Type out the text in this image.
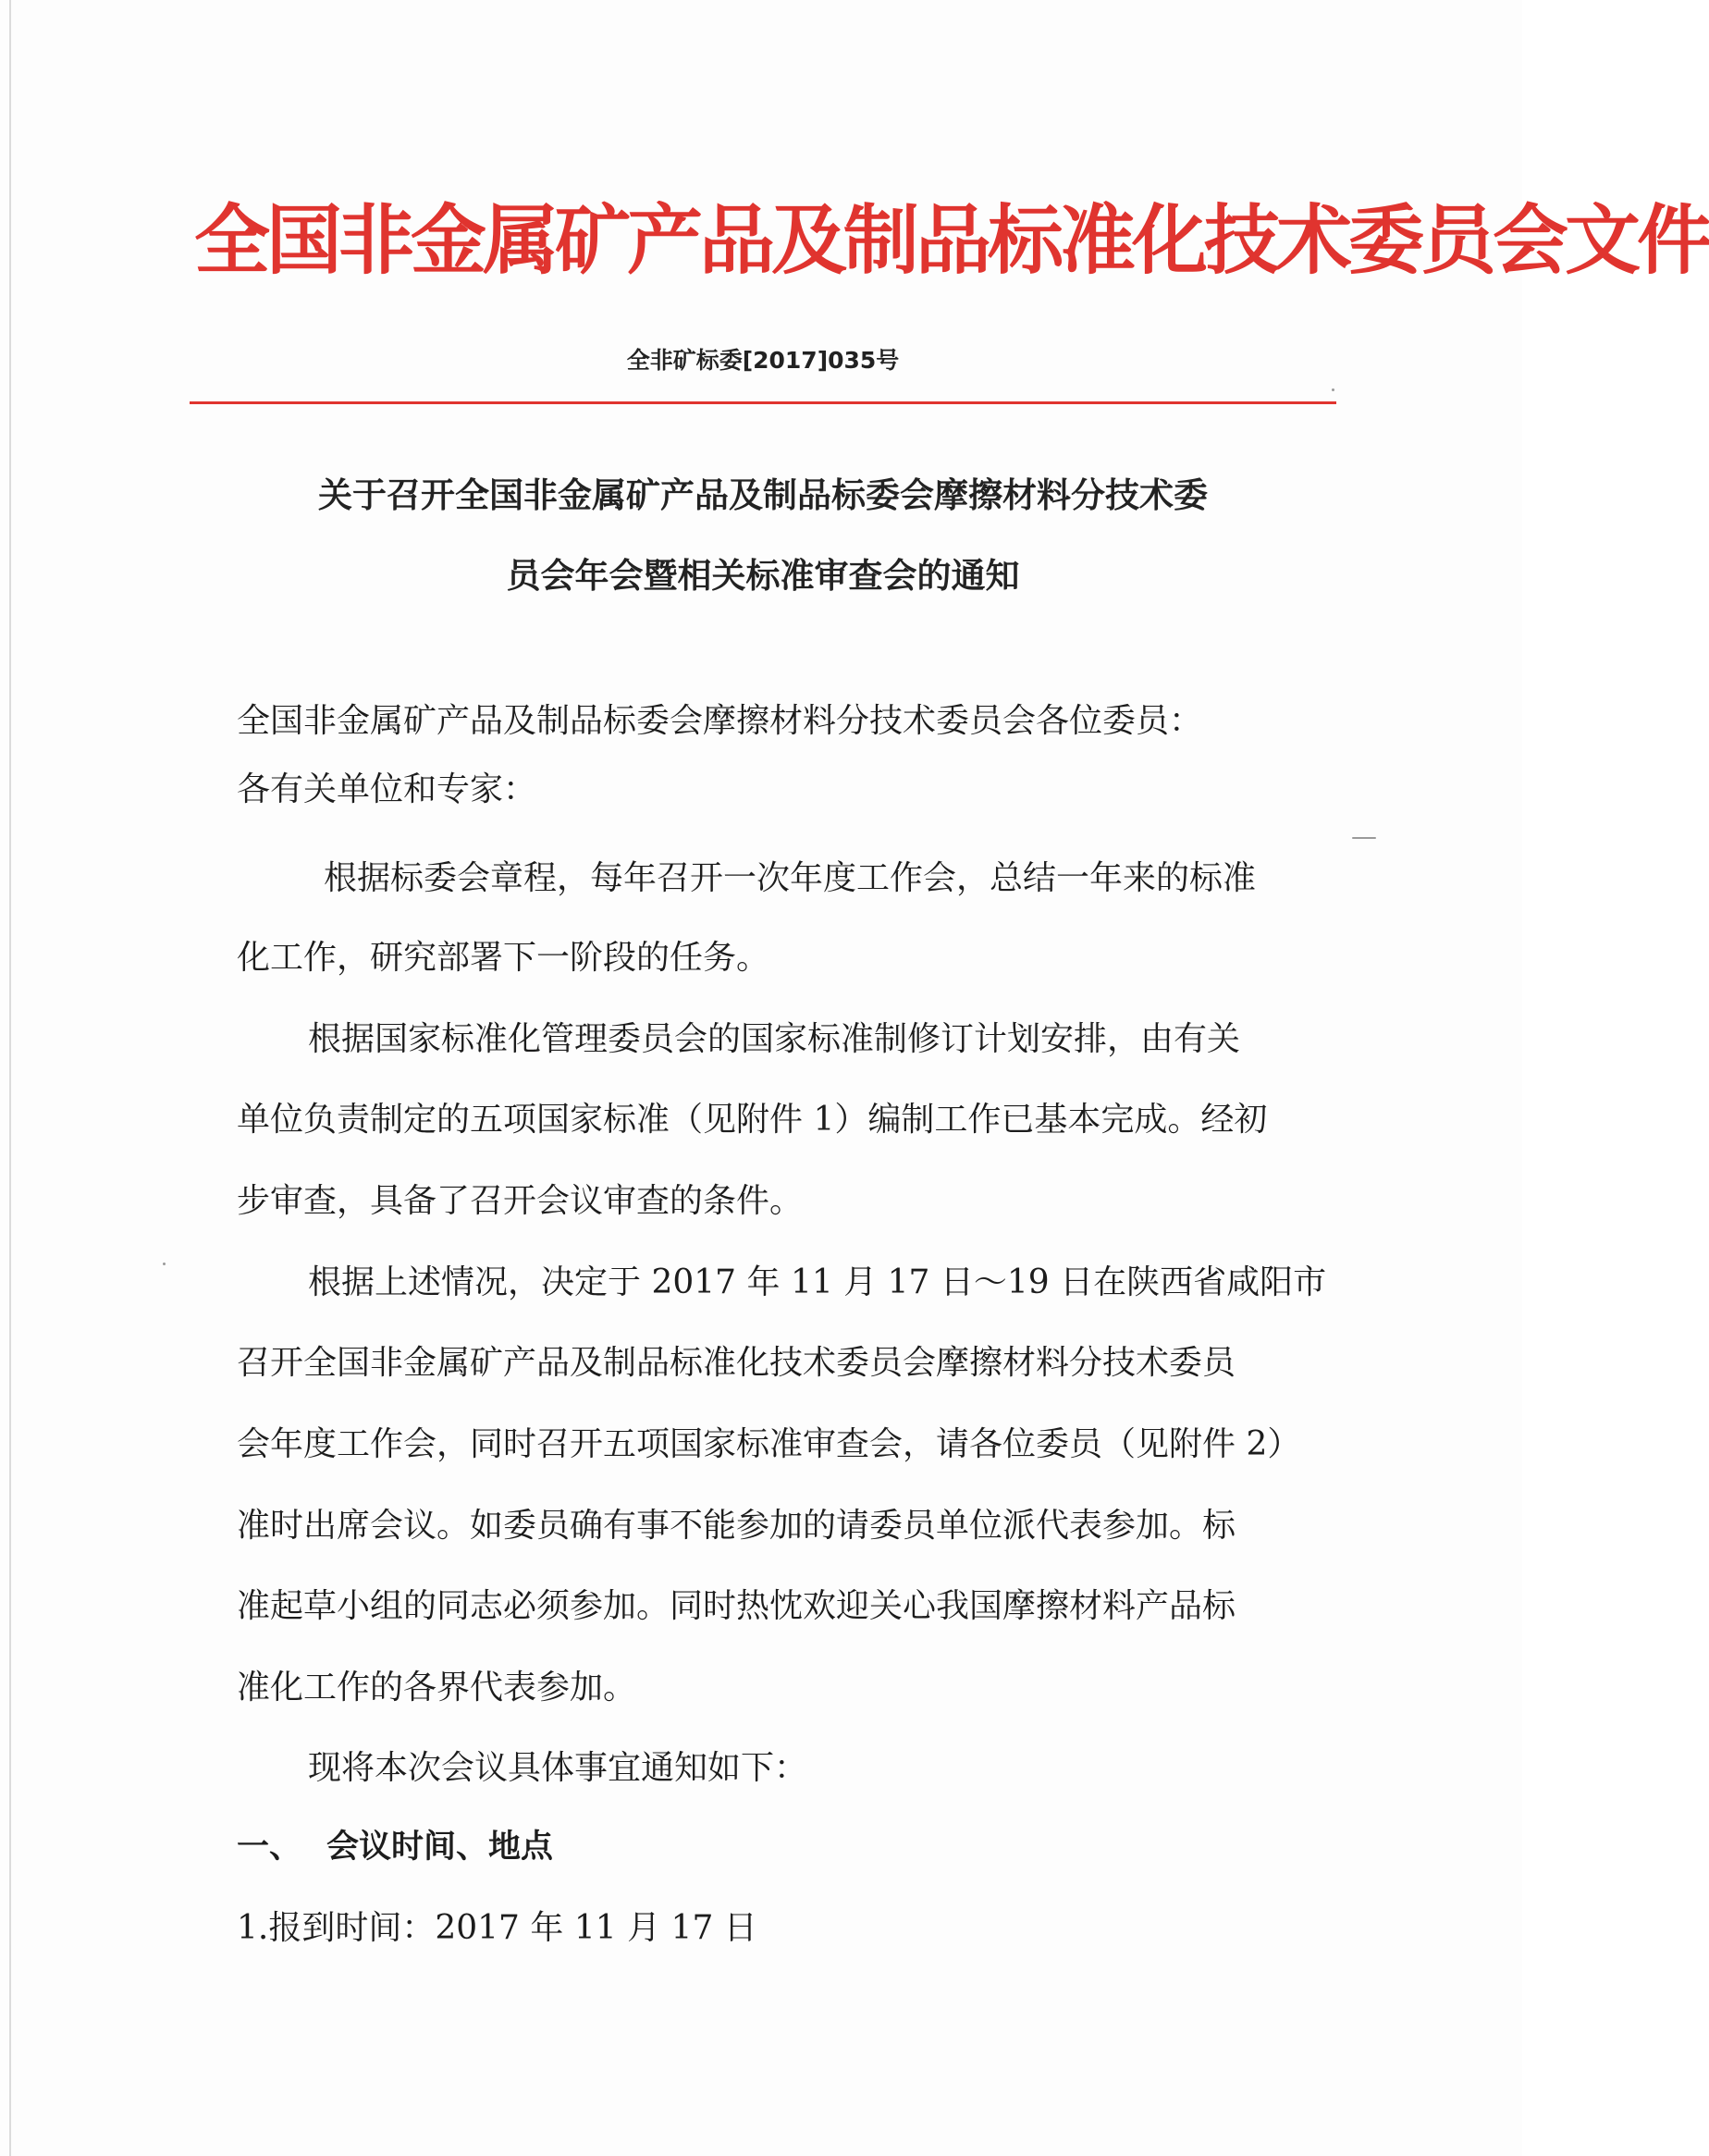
全国非金属矿产品及制品标准化技术委员会文件
全非矿标委[2017]035号
关于召开全国非金属矿产品及制品标委会摩擦材料分技术委
员会年会暨相关标准审查会的通知
全国非金属矿产品及制品标委会摩擦材料分技术委员会各位委员：
各有关单位和专家：
根据标委会章程，每年召开一次年度工作会，总结一年来的标准
化工作，研究部署下一阶段的任务。
根据国家标准化管理委员会的国家标准制修订计划安排，由有关
单位负责制定的五项国家标准（见附件 1）编制工作已基本完成。经初
步审查，具备了召开会议审查的条件。
根据上述情况，决定于 2017 年 11 月 17 日～19 日在陕西省咸阳市
召开全国非金属矿产品及制品标准化技术委员会摩擦材料分技术委员
会年度工作会，同时召开五项国家标准审查会，请各位委员（见附件 2）
准时出席会议。如委员确有事不能参加的请委员单位派代表参加。标
准起草小组的同志必须参加。同时热忱欢迎关心我国摩擦材料产品标
准化工作的各界代表参加。
现将本次会议具体事宜通知如下：
一、 会议时间、地点
1.报到时间：2017 年 11 月 17 日
